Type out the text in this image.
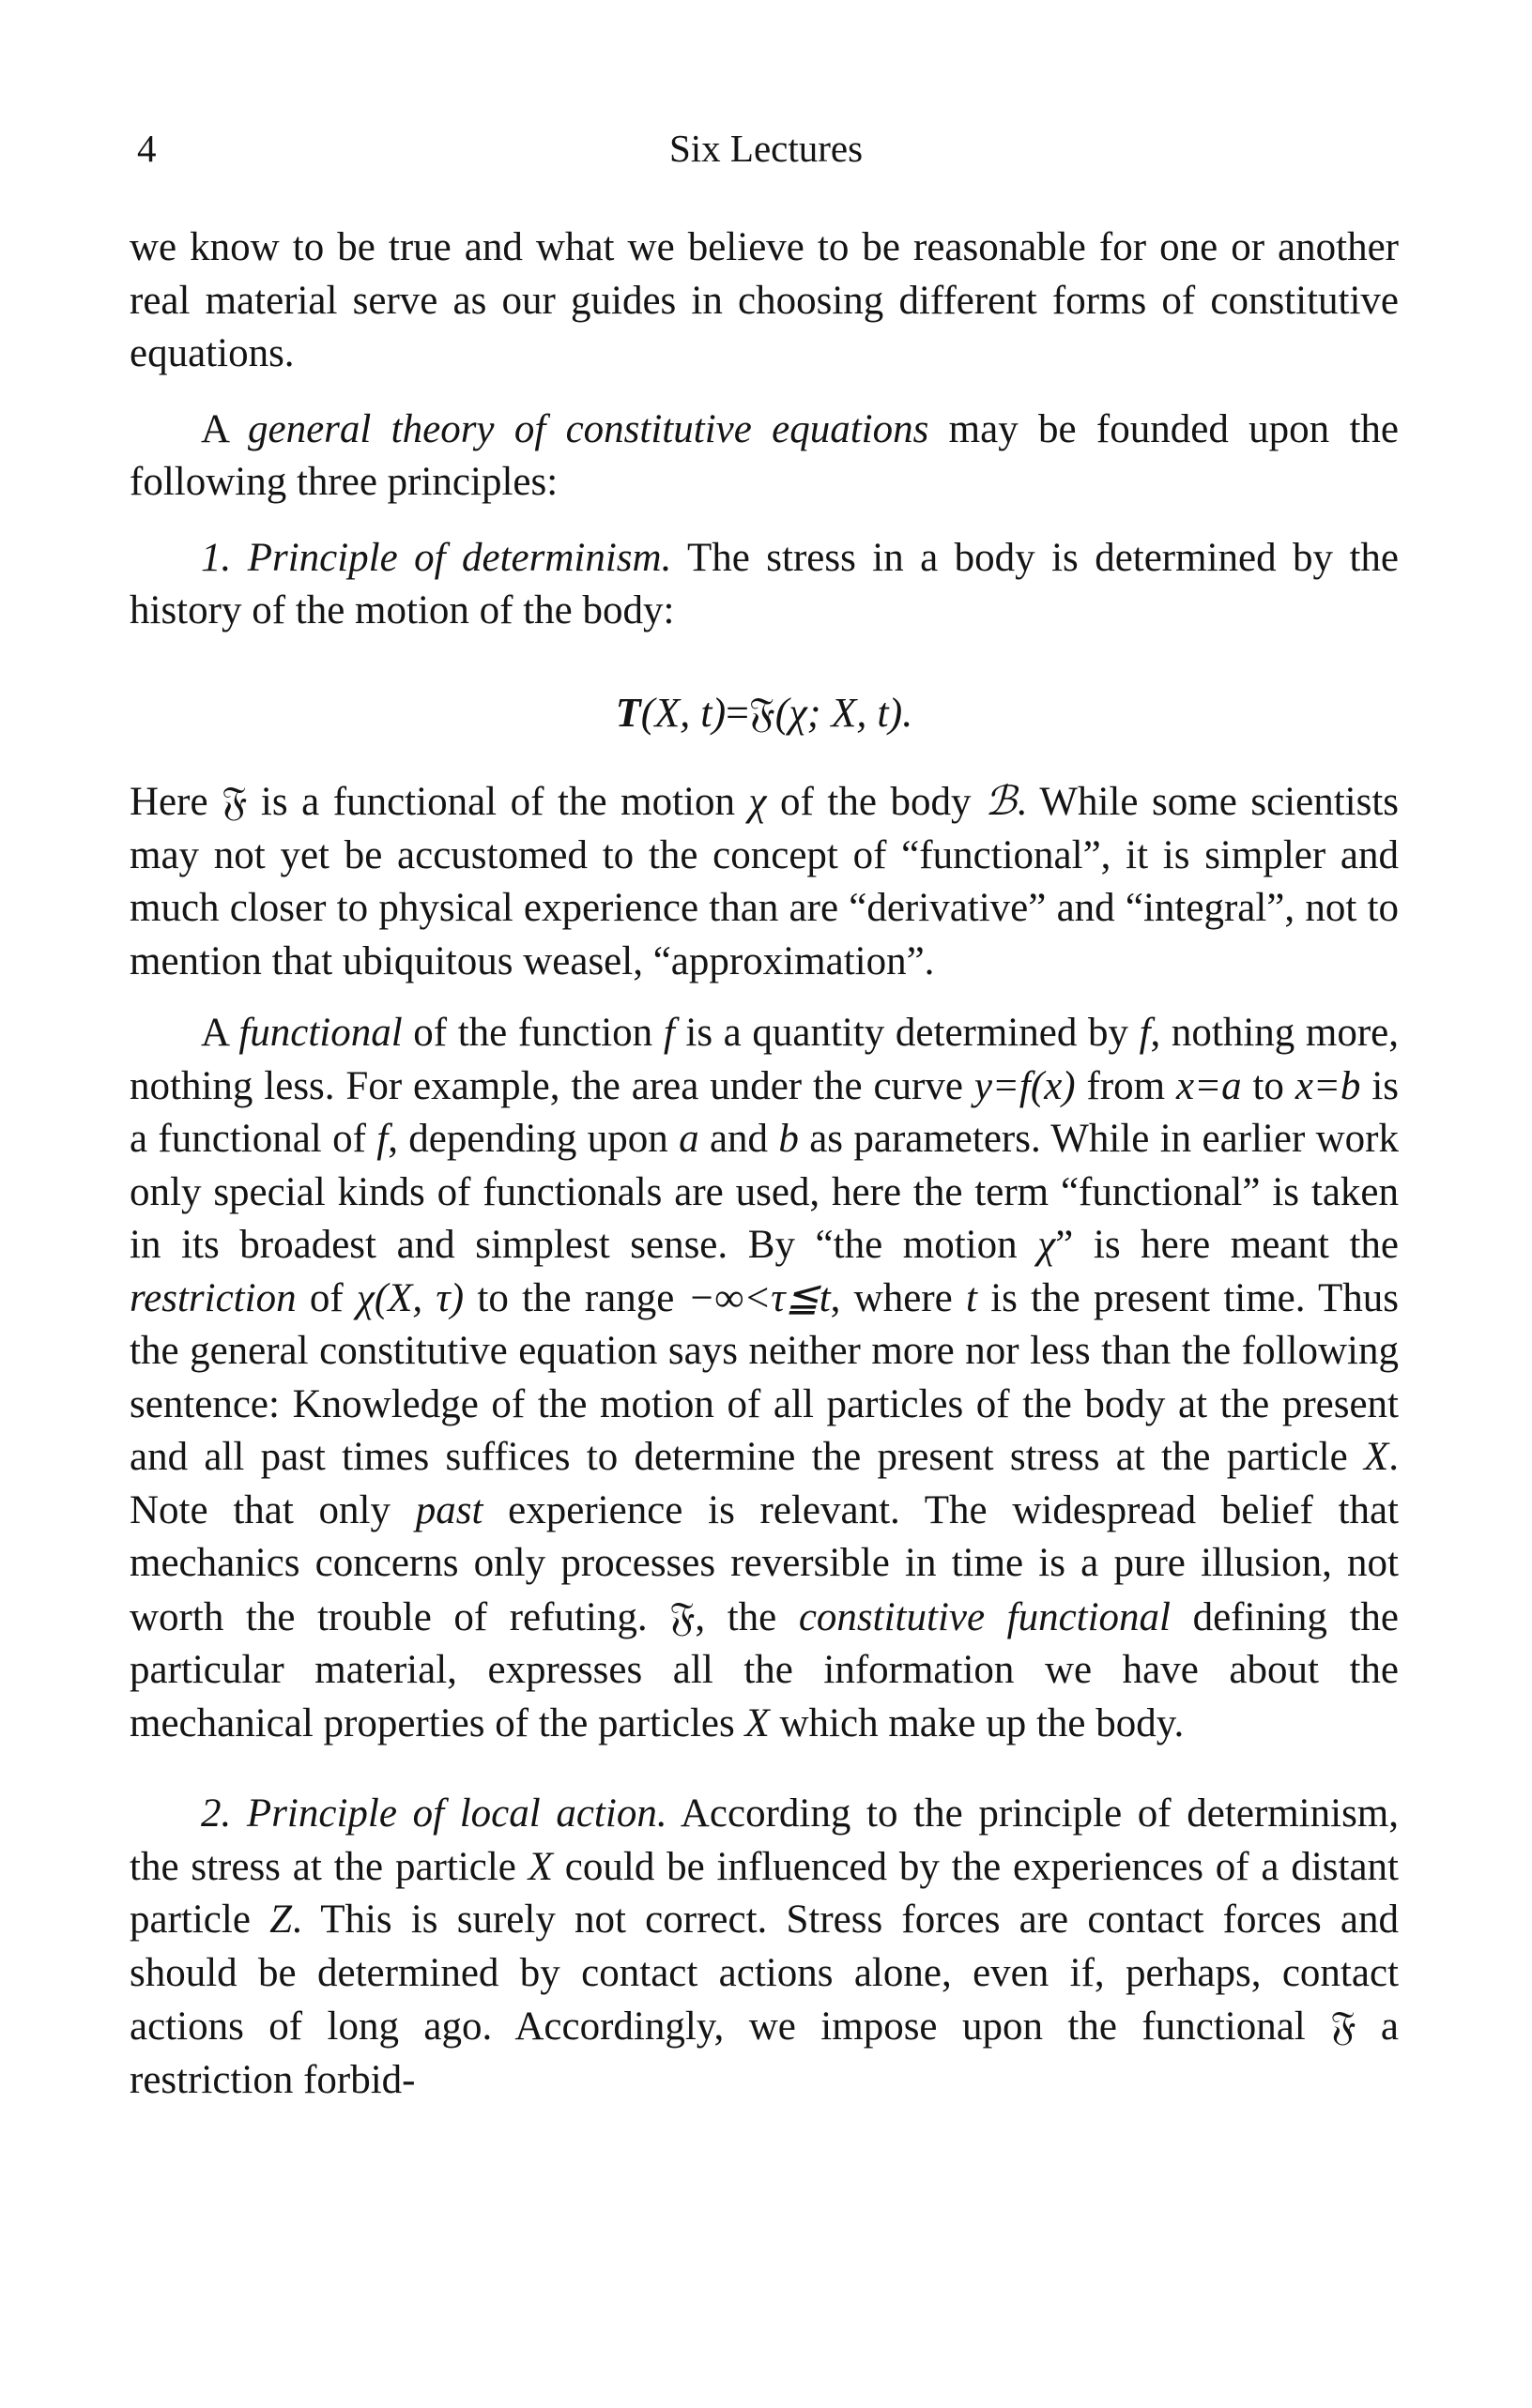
4	Six Lectures

we know to be true and what we believe to be reasonable for one or another real material serve as our guides in choosing different forms of constitutive equations.

A general theory of constitutive equations may be founded upon the following three principles:

1. Principle of determinism. The stress in a body is determined by the history of the motion of the body:

T(X, t)=𝔉(χ; X, t).

Here 𝔉 is a functional of the motion χ of the body ℬ. While some scientists may not yet be accustomed to the concept of “functional”, it is simpler and much closer to physical experience than are “derivative” and “integral”, not to mention that ubiquitous weasel, “approximation”.

A functional of the function f is a quantity determined by f, nothing more, nothing less. For example, the area under the curve y=f(x) from x=a to x=b is a functional of f, depending upon a and b as parameters. While in earlier work only special kinds of functionals are used, here the term “functional” is taken in its broadest and simplest sense. By “the motion χ” is here meant the restriction of χ(X, τ) to the range −∞<τ≦t, where t is the present time. Thus the general constitutive equation says neither more nor less than the following sentence: Knowledge of the motion of all particles of the body at the present and all past times suffices to determine the present stress at the particle X. Note that only past experience is relevant. The widespread belief that mechanics concerns only processes reversible in time is a pure illusion, not worth the trouble of refuting. 𝔉, the constitutive functional defining the particular material, expresses all the information we have about the mechanical properties of the particles X which make up the body.

2. Principle of local action. According to the principle of determinism, the stress at the particle X could be influenced by the experiences of a distant particle Z. This is surely not correct. Stress forces are contact forces and should be determined by contact actions alone, even if, perhaps, contact actions of long ago. Accordingly, we impose upon the functional 𝔉 a restriction forbid-
